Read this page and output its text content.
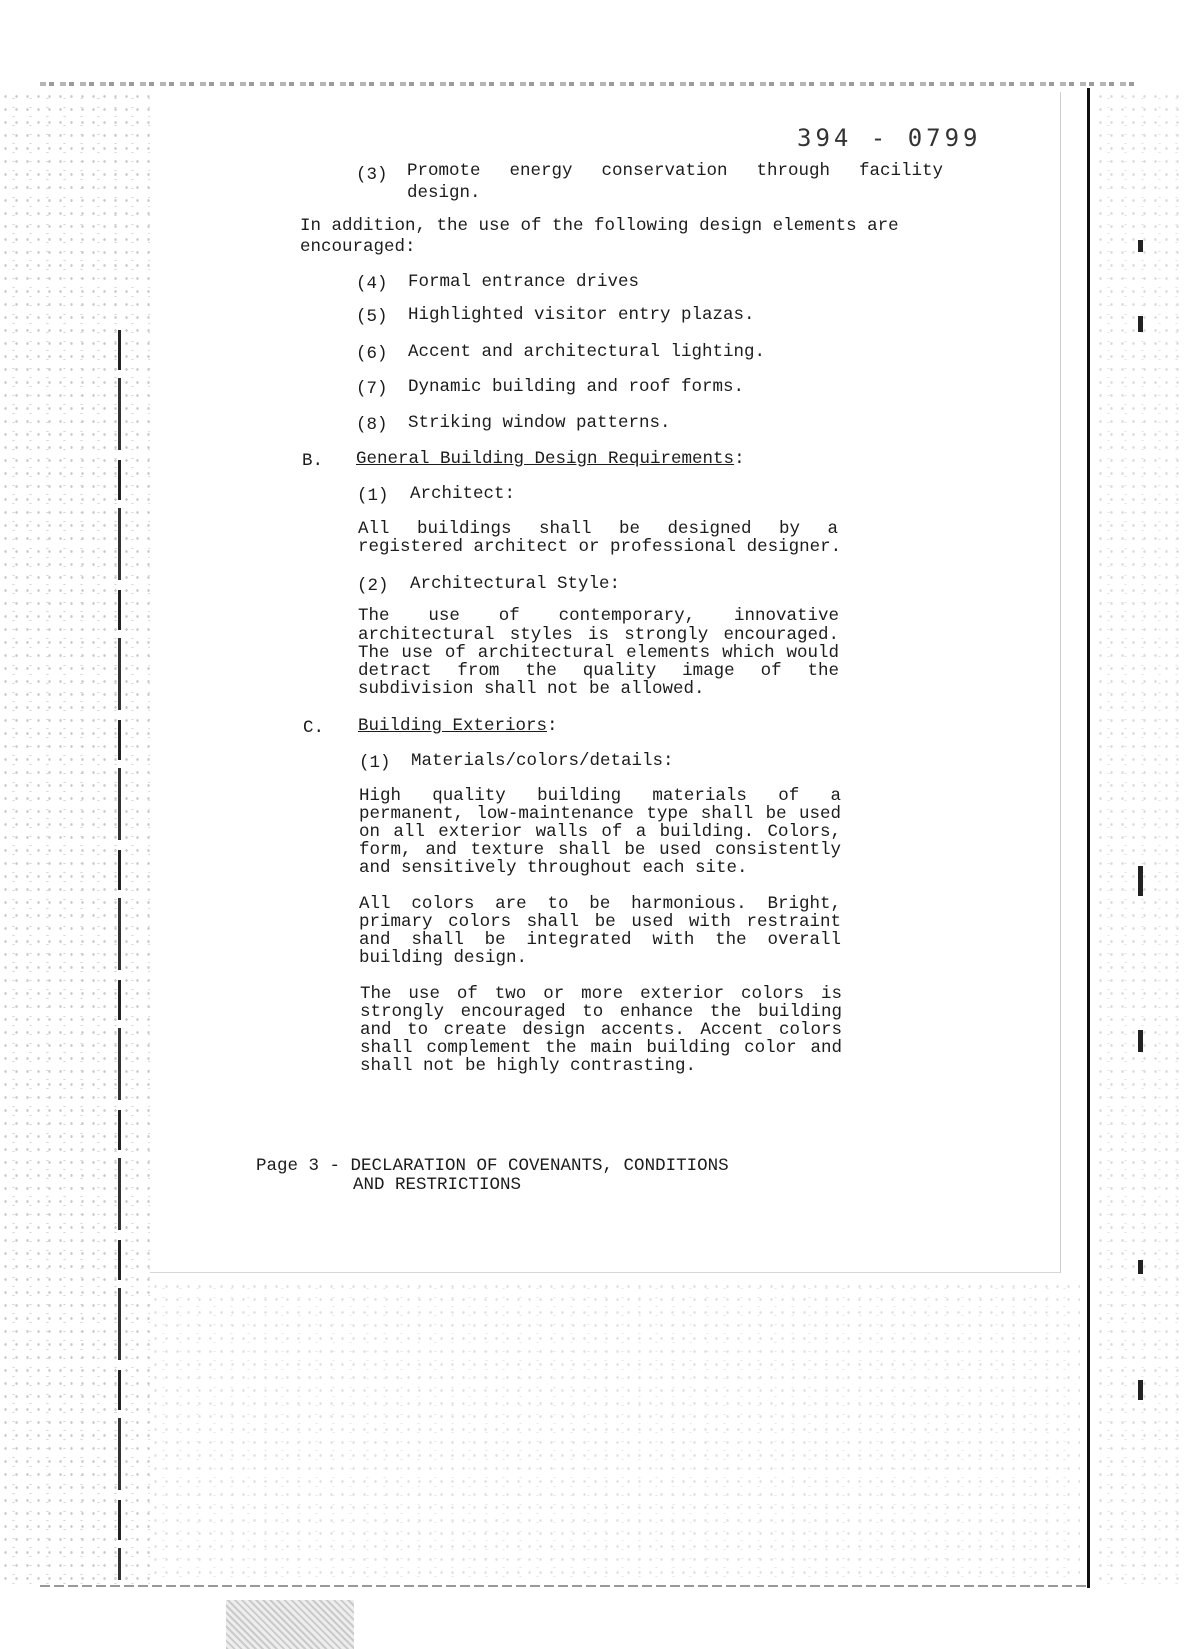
394 - 0799
(3) Promote energy conservation through facility
design.
In addition, the use of the following design elements are
encouraged:
(4) Formal entrance drives
(5) Highlighted visitor entry plazas.
(6) Accent and architectural lighting.
(7) Dynamic building and roof forms.
(8) Striking window patterns.
B. General Building Design Requirements:
(1) Architect:
All buildings shall be designed by a
registered architect or professional designer.
(2) Architectural Style:
The use of contemporary, innovative
architectural styles is strongly encouraged.
The use of architectural elements which would
detract from the quality image of the
subdivision shall not be allowed.
C. Building Exteriors:
(1) Materials/colors/details:
High quality building materials of a
permanent, low-maintenance type shall be used
on all exterior walls of a building. Colors,
form, and texture shall be used consistently
and sensitively throughout each site.
All colors are to be harmonious. Bright,
primary colors shall be used with restraint
and shall be integrated with the overall
building design.
The use of two or more exterior colors is
strongly encouraged to enhance the building
and to create design accents. Accent colors
shall complement the main building color and
shall not be highly contrasting.
Page 3 - DECLARATION OF COVENANTS, CONDITIONS
AND RESTRICTIONS
